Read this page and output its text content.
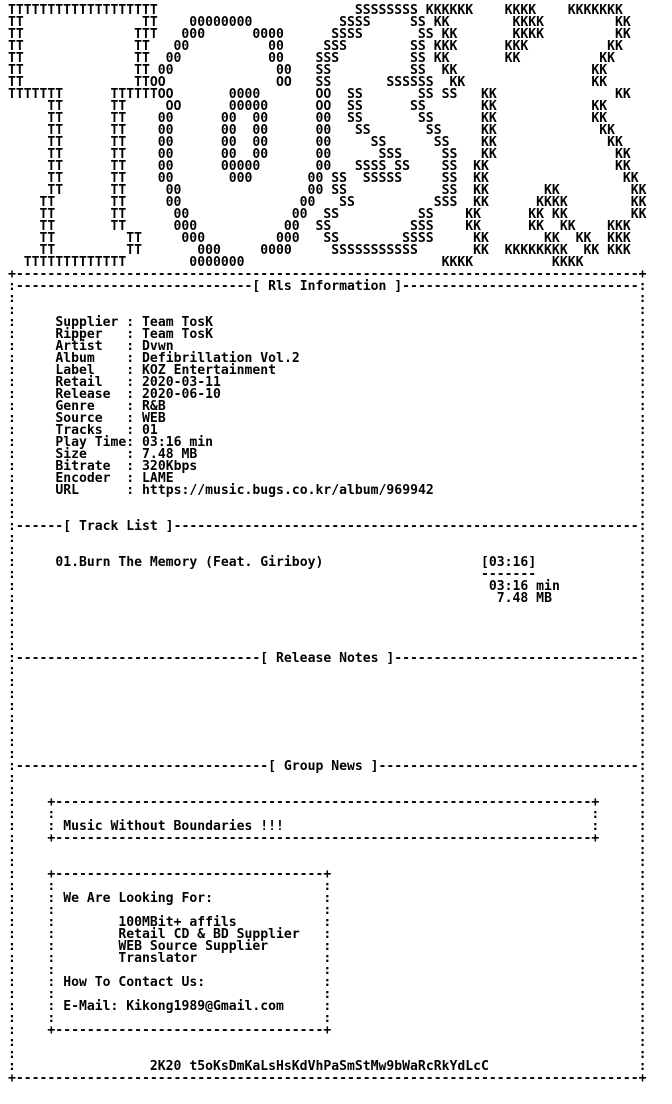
TTTTTTTTTTTTTTTTTTT                         SSSSSSSS KKKKKK    KKKK    KKKKKKK
TT               TT    00000000           SSSS     SS KK        KKKK         KK
TT              TTT   000      0000      SSSS       SS KK       KKKK         KK
TT              TT   00          00     SSS        SS KKK      KKK          KK
TT              TT  00           00    SSS         SS KK       KK          KK
TT              TT 00             00   SS          SS  KK                 KK
TT              TTOO              OO   SS       SSSSSS  KK                KK
TTTTTTT      TTTTTTOO       0000       OO  SS       SS SS   KK               KK
TT      TT     OO      00000      OO  SS      SS       KK            KK
TT      TT    00      00  00      00  SS       SS      KK            KK
TT      TT    00      00  00      00   SS       SS     KK             KK
TT      TT    00      00  00      00     SS      SS    KK              KK
TT      TT    00      00  00      00      SSS     SS   KK               KK
TT      TT    00      00000       00   SSSS SS    SS  KK                KK
TT      TT    00       000       00 SS  SSSSS     SS  KK                 KK
TT      TT     00                00 SS            SS  KK       KK         KK
TT       TT     00               00   SS          SSS  KK      KKKK        KK
TT       TT      00             00  SS          SS    KK      KK KK        KK
TT       TT      000           00  SS          SSS    KK      KK  KK    KKK
TT         TT     000         000   SS        SSSS     KK       KK  KK  KKK
TT         TT       000     0000     SSSSSSSSSSS       KK  KKKKKKKK  KK KKK
TTTTTTTTTTTTT        0000000                         KKKK          KKKK
+-------------------------------------------------------------------------------+
:------------------------------[ Rls Information ]------------------------------:
:                                                                               :
:                                                                               :
:     Supplier : Team TosK                                                      :
:     Ripper   : Team TosK                                                      :
:     Artist   : Dvwn                                                           :
:     Album    : Defibrillation Vol.2                                           :
:     Label    : KOZ Entertainment                                              :
:     Retail   : 2020-03-11                                                     :
:     Release  : 2020-06-10                                                     :
:     Genre    : R&B                                                            :
:     Source   : WEB                                                            :
:     Tracks   : 01                                                             :
:     Play Time: 03:16 min                                                      :
:     Size     : 7.48 MB                                                        :
:     Bitrate  : 320Kbps                                                        :
:     Encoder  : LAME                                                           :
:     URL      : https://music.bugs.co.kr/album/969942                          :
:                                                                               :
:                                                                               :
:------[ Track List ]-----------------------------------------------------------:
:                                                                               :
:                                                                               :
:     01.Burn The Memory (Feat. Giriboy)	[03:16]             :
:                                                           -------             :
:                                                            03:16 min          :
:                                                             7.48 MB           :
:                                                                               :
:                                                                               :
:                                                                               :
:                                                                               :
:-------------------------------[ Release Notes ]-------------------------------:
:                                                                               :
:                                                                               :
:                                                                               :
:                                                                               :
:                                                                               :
:                                                                               :
:                                                                               :
:                                                                               :
:--------------------------------[ Group News ]---------------------------------:
:                                                                               :
:                                                                               :
:    +--------------------------------------------------------------------+     :
:    :                                                                    :     :
:    : Music Without Boundaries !!!                                       :     :
:    +--------------------------------------------------------------------+     :
:                                                                               :
:                                                                               :
:    +----------------------------------+                                       :
:    :	:                                       :
:    : We Are Looking For:	:                                       :
:    :	:                                       :
:    :	100MBit+ affils	:                                       :
:    :	Retail CD & BD Supplier :                                       :
:    :	WEB Source Supplier	:                                       :
:    :	Translator	:                                       :
:    :	:                                       :
:    : How To Contact Us:	:                                       :
:    :	:                                       :
:    : E-Mail: Kikong1989@Gmail.com	:                                       :
:    :	:                                       :
:    +----------------------------------+                                       :
:                                                                               :
:                                                                               :
:                 2K20 t5oKsDmKaLsHsKdVhPaSmStMw9bWaRcRkYdLcC                   :
+-------------------------------------------------------------------------------+
